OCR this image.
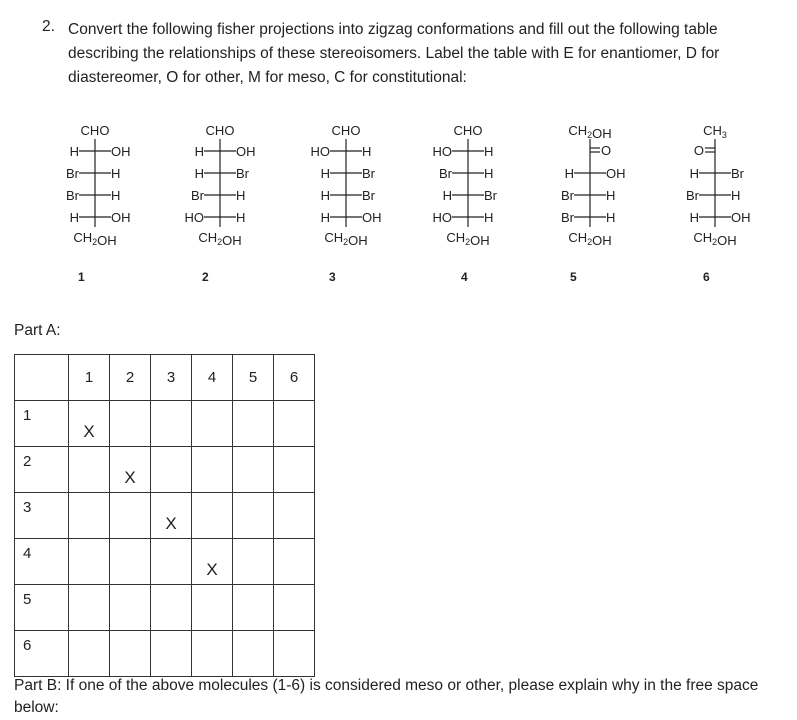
2. Convert the following fisher projections into zigzag conformations and fill out the following table describing the relationships of these stereoisomers. Label the table with E for enantiomer, D for diastereomer, O for other, M for meso, C for constitutional:
CHO
H OH
Br H
Br H
H OH
$CH_2OH$
CHO
H OH
H Br
Br H
HO H
$CH_2OH$
CHO
HO H
H Br
H Br
H OH
$CH_2OH$
CHO
HO H
Br H
H Br
HO H
$CH_2OH$
$CH_2OH$
O
H OH
Br H
Br H
$CH_2OH$
$CH_3$
O
H Br
Br H
H OH
$CH_2OH$
1	2	3	4	5	6
Part A:
	1	2	3	4	5	6
1	X					
2		X				
3			X			
4				X		
5						
6						
Part B: If one of the above molecules (1-6) is considered meso or other, please explain why in the free space below:
